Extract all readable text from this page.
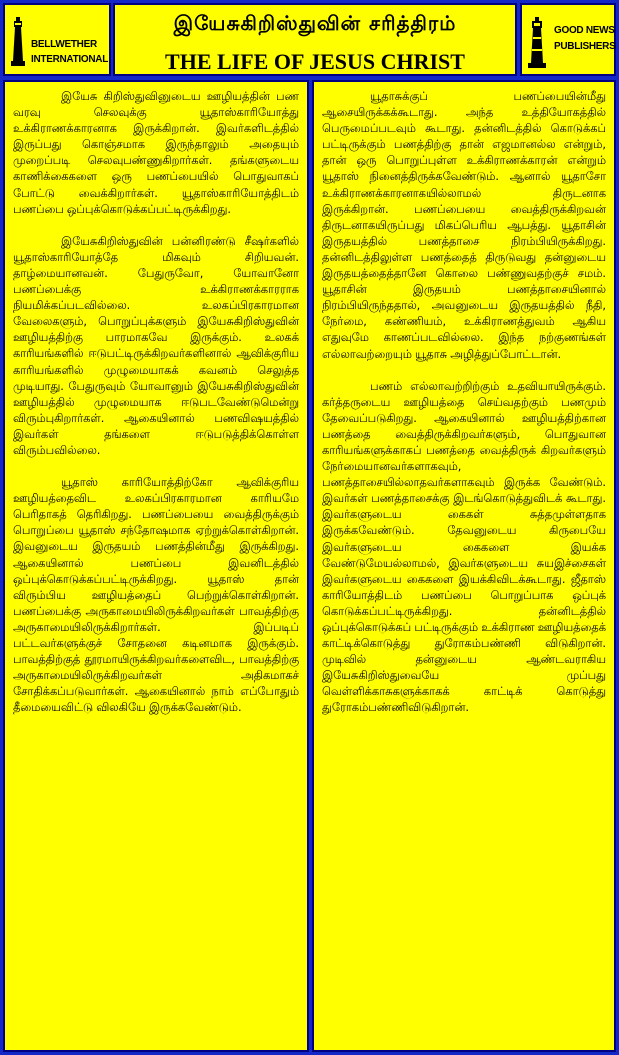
BELLWETHER
INTERNATIONAL
இயேசுகிறிஸ்துவின் சரித்திரம்
THE LIFE OF JESUS CHRIST
GOOD NEWS
PUBLISHERS

இயேசு கிறிஸ்துவினுடைய ஊழியத்தின் பண வரவு செலவுக்கு யூதாஸ்காரியோத்து உக்கிராணக்காரனாக இருக்கிறான். இவர்களிடத்தில் இருப்பது கொஞ்சமாக இருந்தாலும் அதையும் முறைப்படி செலவுபண்ணுகிறார்கள். தங்களுடைய காணிக்கைகளை ஒரு பணப்பையில் பொதுவாகப் போட்டு வைக்கிறார்கள். யூதாஸ்காரியோத்திடம் பணப்பை ஒப்புக்கொடுக்கப்பட்டிருக்கிறது.

இயேசுகிறிஸ்துவின் பன்னிரண்டு சீஷர்களில் யூதாஸ்காரியோத்தே மிகவும் சிறியவன். தாழ்மையானவன். பேதுருவோ, யோவானோ பணப்பைக்கு உக்கிராணக்காரராக நியமிக்கப்படவில்லை. உலகப்பிரகாரமான வேலைகளும், பொறுப்புக்களும் இயேசுகிறிஸ்துவின் ஊழியத்திற்கு பாரமாகவே இருக்கும். உலகக் காரியங்களில் ஈடுபட்டிருக்கிறவர்களினால் ஆவிக்குரிய காரியங்களில் முழுமையாகக் கவனம் செலுத்த முடியாது. பேதுருவும் யோவானும் இயேசுகிறிஸ்துவின் ஊழியத்தில் முழுமையாக ஈடுபடவேண்டுமென்று விரும்புகிறார்கள். ஆகையினால் பணவிஷயத்தில் இவர்கள் தங்களை ஈடுபடுத்திக்கொள்ள விரும்பவில்லை.

யூதாஸ் காரியோத்திற்கோ ஆவிக்குரிய ஊழியத்தைவிட உலகப்பிரகாரமான காரியமே பெரிதாகத் தெரிகிறது. பணப்பையை வைத்திருக்கும் பொறுப்பை யூதாஸ் சந்தோஷமாக ஏற்றுக்கொள்கிறான். இவனுடைய இருதயம் பணத்தின்மீது இருக்கிறது. ஆகையினால் பணப்பை இவனிடத்தில் ஒப்புக்கொடுக்கப்பட்டிருக்கிறது. யூதாஸ் தான் விரும்பிய ஊழியத்தைப் பெற்றுக்கொள்கிறான். பணப்பைக்கு அருகாமையிலிருக்கிறவர்கள் பாவத்திற்கு அருகாமையிலிருக்கிறார்கள். இப்படிப் பட்டவர்களுக்குச் சோதனை கடினமாக இருக்கும். பாவத்திற்குத் தூரமாயிருக்கிறவர்களைவிட, பாவத்திற்கு அருகாமையிலிருக்கிறவர்கள் அதிகமாகச் சோதிக்கப்படுவார்கள். ஆகையினால் நாம் எப்போதும் தீமையைவிட்டு விலகியே இருக்கவேண்டும்.

யூதாசுக்குப் பணப்பையின்மீது ஆசையிருக்கக்கூடாது. அந்த உத்தியோகத்தில் பெருமைப்படவும் கூடாது. தன்னிடத்தில் கொடுக்கப் பட்டிருக்கும் பணத்திற்கு தான் எஜமானல்ல என்றும், தான் ஒரு பொறுப்புள்ள உக்கிராணக்காரன் என்றும் யூதாஸ் நினைத்திருக்கவேண்டும். ஆனால் யூதாசோ உக்கிராணக்காரனாகயில்லாமல் திருடனாக இருக்கிறான். பணப்பையை வைத்திருக்கிறவன் திருடனாகயிருப்பது மிகப்பெரிய ஆபத்து. யூதாசின் இருதயத்தில் பணத்தாசை நிரம்பியிருக்கிறது. தன்னிடத்திலுள்ள பணத்தைத் திருடுவது தன்னுடைய இருதயத்தைத்தானே கொலை பண்ணுவதற்குச் சமம். யூதாசின் இருதயம் பணத்தாசையினால் நிரம்பியிருந்ததால், அவனுடைய இருதயத்தில் நீதி, நேர்மை, கண்ணியம், உக்கிராணத்துவம் ஆகிய எதுவுமே காணப்படவில்லை. இந்த நற்குணங்கள் எல்லாவற்றையும் யூதாசு அழித்துப்போட்டான்.

பணம் எல்லாவற்றிற்கும் உதவியாயிருக்கும். கர்த்தருடைய ஊழியத்தை செய்வதற்கும் பணமும் தேவைப்படுகிறது. ஆகையினால் ஊழியத்திற்கான பணத்தை வைத்திருக்கிறவர்களும், பொதுவான காரியங்களுக்காகப் பணத்தை வைத்திருக் கிறவர்களும் நேர்மையானவர்களாகவும், பணத்தாசையில்லாதவர்களாகவும் இருக்க வேண்டும். இவர்கள் பணத்தாசைக்கு இடங்கொடுத்துவிடக் கூடாது. இவர்களுடைய கைகள் சுத்தமுள்ளதாக இருக்கவேண்டும். தேவனுடைய கிருபையே இவர்களுடைய கைகளை இயக்க வேண்டுமேயல்லாமல், இவர்களுடைய சுயஇச்சைகள் இவர்களுடைய கைகளை இயக்கிவிடக்கூடாது. ஜீதாஸ் காரியோத்திடம் பணப்பை பொறுப்பாக ஒப்புக் கொடுக்கப்பட்டிருக்கிறது. தன்னிடத்தில் ஒப்புக்கொடுக்கப் பட்டிருக்கும் உக்கிராண ஊழியத்தைக் காட்டிக்கொடுத்து துரோகம்பண்ணி விடுகிறான். முடிவில் தன்னுடைய ஆண்டவராகிய இயேசுகிறிஸ்துவையே முப்பது வெள்ளிக்காசுகளுக்காகக் காட்டிக் கொடுத்து துரோகம்பண்ணிவிடுகிறான்.
